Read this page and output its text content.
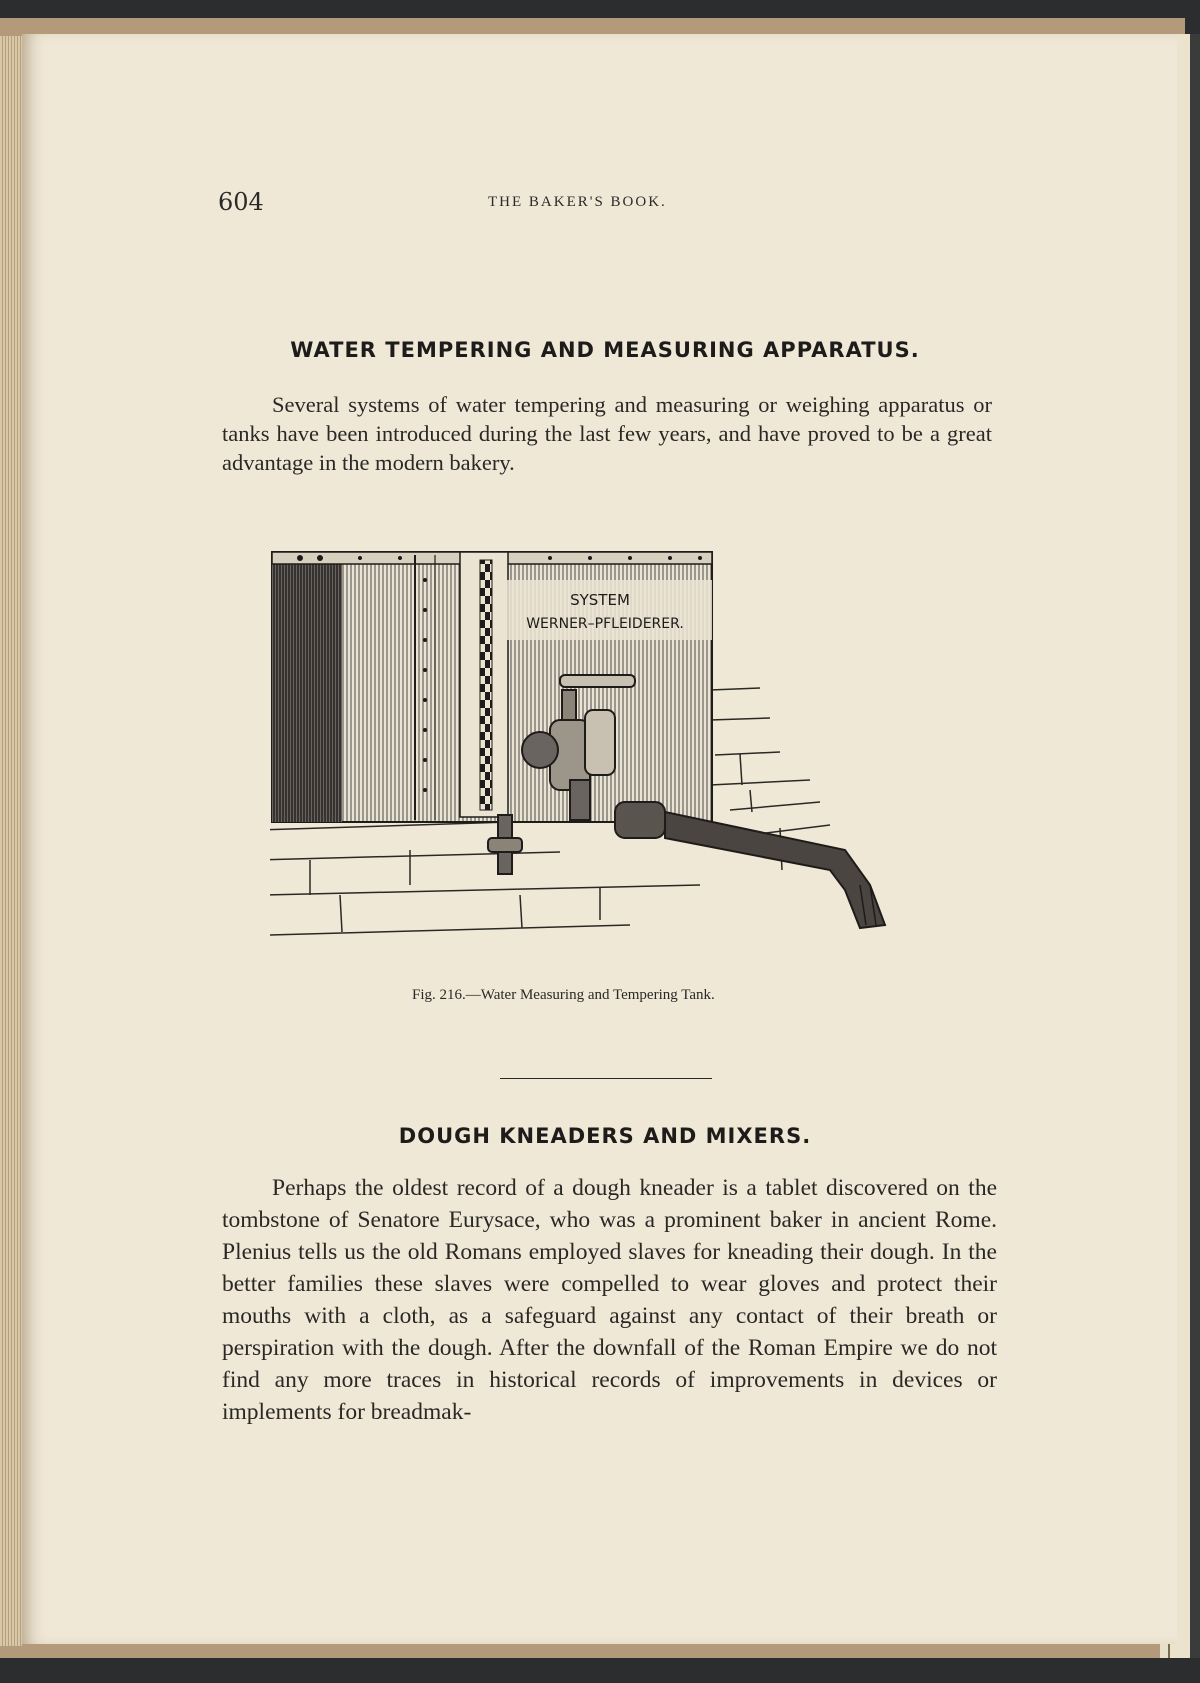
604	THE BAKER'S BOOK.
WATER TEMPERING AND MEASURING APPARATUS.

Several systems of water tempering and measuring or weighing apparatus or tanks have been introduced during the last few years, and have proved to be a great advantage in the modern bakery.

SYSTEM
WERNER–PFLEIDERER.
Fig. 216.—Water Measuring and Tempering Tank.
DOUGH KNEADERS AND MIXERS.

Perhaps the oldest record of a dough kneader is a tablet discovered on the tombstone of Senatore Eurysace, who was a prominent baker in ancient Rome. Plenius tells us the old Romans employed slaves for kneading their dough. In the better families these slaves were compelled to wear gloves and protect their mouths with a cloth, as a safeguard against any contact of their breath or perspiration with the dough. After the downfall of the Roman Empire we do not find any more traces in historical records of improvements in devices or implements for breadmak-
